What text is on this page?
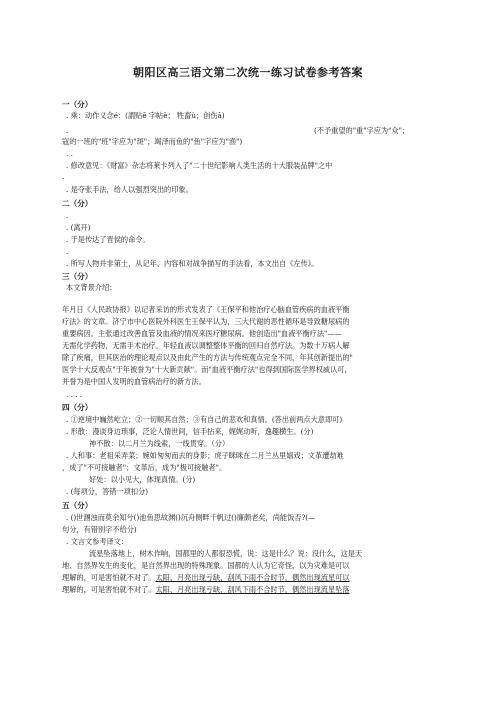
朝阳区高三语文第二次统一练习试卷参考答案
一（分）
. 乘：动作义念é：(謂贴ē 字帖è； 牲畜ù；创伤ā)
.	(不予重望的"重"字应为"众"；
寇的一班的"班"字应为"斑"；竭泽而鱼的"鱼"字应为"渔")
. .
. 修改意见：《财富》杂志将莱卡列入了"二十世纪影响人类生活的十大服装品牌"之中
.
. 是夺张手法，给人以强烈突出的印象。
二（分）
.
. (离开)
. 于是传达了晋侯的命令。
.
. 所写人物并非第土，从记年、内容和对战争描写的手法看，本文出自《左传》。
三（分）
本文背景介绍：
年月日《人民政协报》以记者采访的形式发表了《王保平和他治疗心脑血管疾病的血液平衡
疗法》的文章。济宁市中心医院外科医生王保平认为，三大代谢的恶性循环是导致糖尿病的
重要病因。主张通过改善血管及血液的情况来医疗糖尿病。他创造出"血液平衡疗法"——
无需化学药物，无需手术治疗。年轻血液以调整整体平衡的回归自然疗法。为数十万病人解
除了疾痛，但其医治的理论观点以及由此产生的方法与传统观点完全不同，年其创新提出的"
医学十大反观点"于年被誉为"十大新贡献"。而"血液平衡疗法"也得到国际医学界权威认可，
并誉为是中国人发明的血管病治疗的新方法。
. . . .
四（分）
. ①逆境中巍然屹立；②一切顺其自然；③有自己的悲欢和真情。(答出前两点大意即可)
. 形散：漫谈身边琐事，泛论人情世间，信手拈来，娓娓动听，逸趣横生。(分)
神不散：以二月兰为线索，一线贯穿。（分）
. 人和事：老祖采弄菜；婉如匆匆而去的身影；虎子眯咪在二月兰丛里嬉戏；文革遭劫难
，成了"不可接触者"；文革后，成为"极可接触者"。
好处：以小见大，体现真情。(分)
. (每项分，答错一项扣分)
五（分）
. ()世溷浊而莫余知兮()池鱼思故渊()沉舟侧畔千帆过()廉颇老矣，尚能饭否?(—
句分，有错别字不给分)
. 文言文参考译文：
流星坠落地上，树木作响，国都里的人都很恐慌，说：这是什么？说：没什么，这是天
地、自然界发生的变化，是自然界出现的特殊现象。国都的人认为它奇怪，以为灾难是可以
理解的，可是害怕就不对了。太阳、月亮出现亏缺，刮风下雨不合时节，偶然出现流星可以
理解的，可是害怕就不对了。太阳、月亮出现亏缺，刮风下雨不合时节，偶然出现流星坠落
